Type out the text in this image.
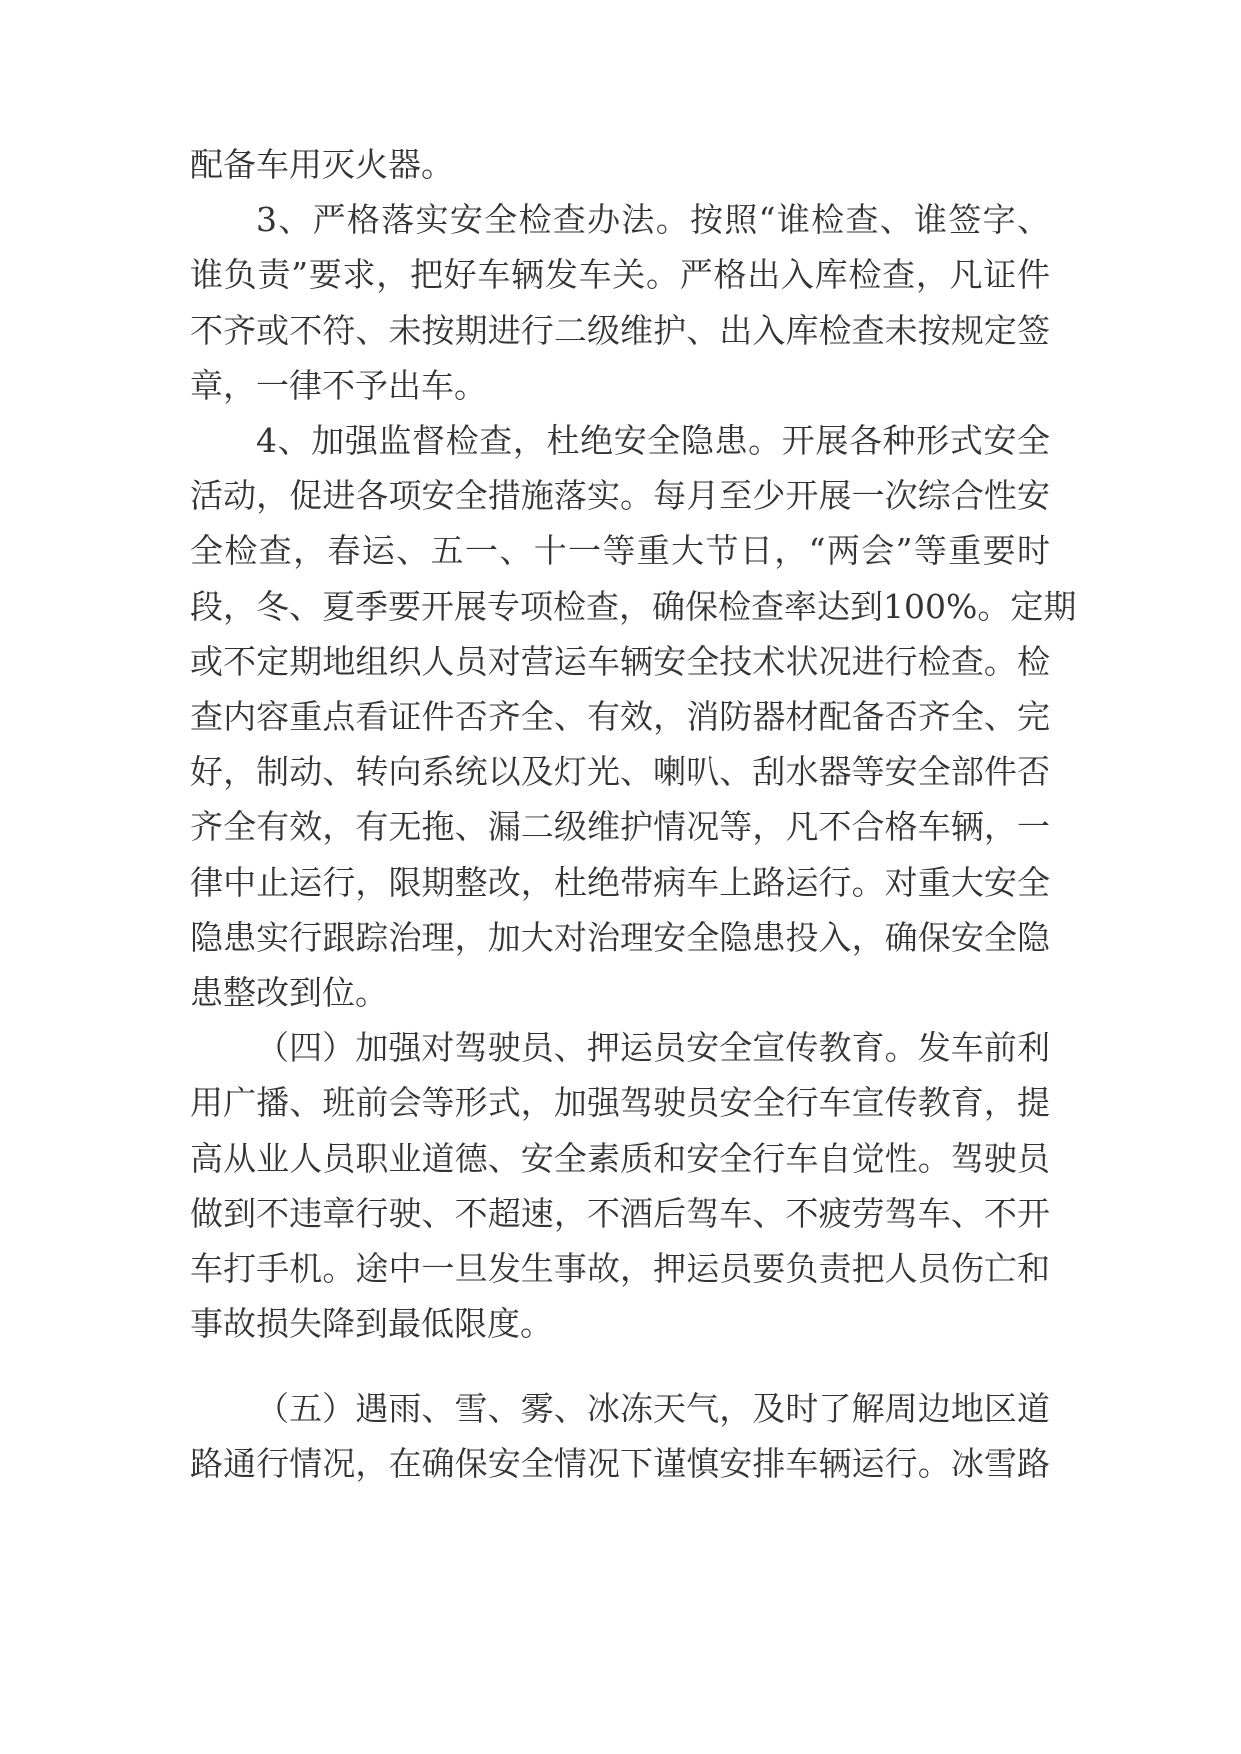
配备车用灭火器。
3、严格落实安全检查办法。按照“谁检查、谁签字、
谁负责”要求，把好车辆发车关。严格出入库检查，凡证件
不齐或不符、未按期进行二级维护、出入库检查未按规定签
章，一律不予出车。
4、加强监督检查，杜绝安全隐患。开展各种形式安全
活动，促进各项安全措施落实。每月至少开展一次综合性安
全检查，春运、五一、十一等重大节日，“两会”等重要时
段，冬、夏季要开展专项检查，确保检查率达到100%。定期
或不定期地组织人员对营运车辆安全技术状况进行检查。检
查内容重点看证件否齐全、有效，消防器材配备否齐全、完
好，制动、转向系统以及灯光、喇叭、刮水器等安全部件否
齐全有效，有无拖、漏二级维护情况等，凡不合格车辆，一
律中止运行，限期整改，杜绝带病车上路运行。对重大安全
隐患实行跟踪治理，加大对治理安全隐患投入，确保安全隐
患整改到位。
（四）加强对驾驶员、押运员安全宣传教育。发车前利
用广播、班前会等形式，加强驾驶员安全行车宣传教育，提
高从业人员职业道德、安全素质和安全行车自觉性。驾驶员
做到不违章行驶、不超速，不酒后驾车、不疲劳驾车、不开
车打手机。途中一旦发生事故，押运员要负责把人员伤亡和
事故损失降到最低限度。
（五）遇雨、雪、雾、冰冻天气，及时了解周边地区道
路通行情况，在确保安全情况下谨慎安排车辆运行。冰雪路
